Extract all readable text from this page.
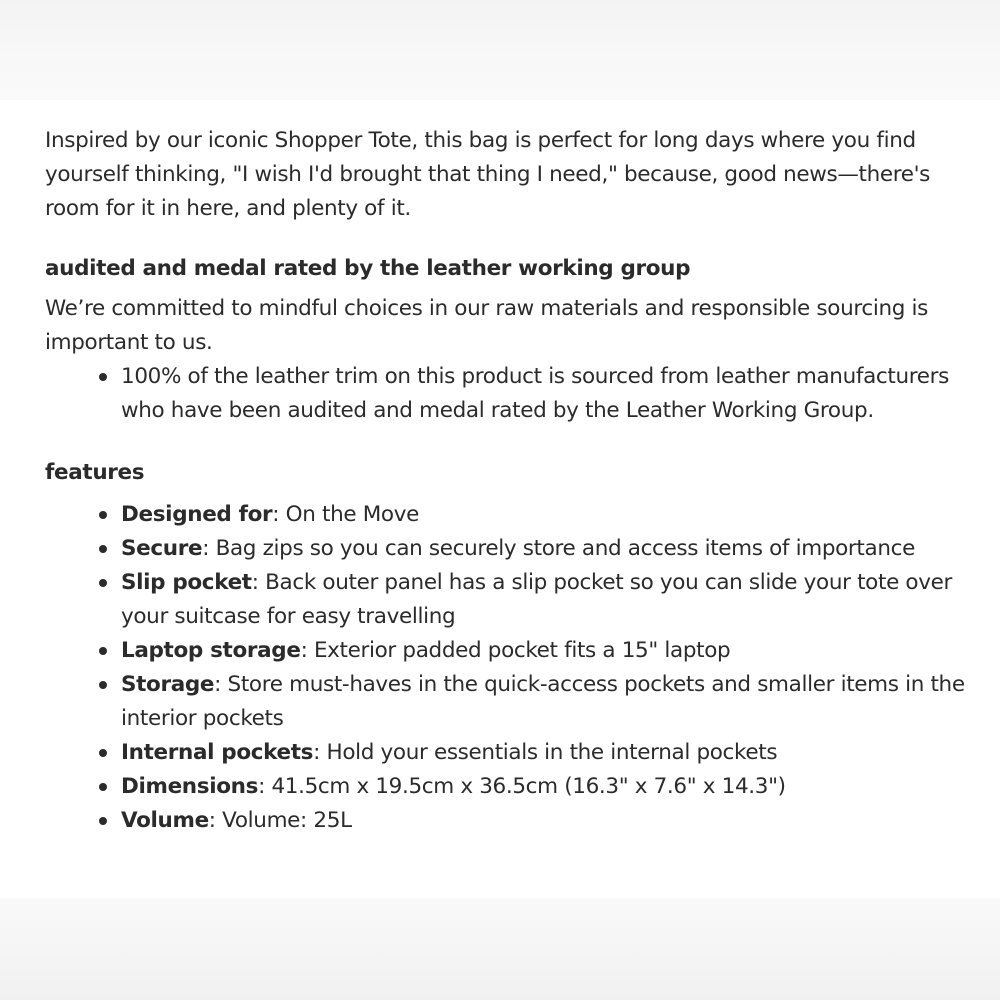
Inspired by our iconic Shopper Tote, this bag is perfect for long days where you find yourself thinking, "I wish I'd brought that thing I need," because, good news—there's room for it in here, and plenty of it.

audited and medal rated by the leather working group

We’re committed to mindful choices in our raw materials and responsible sourcing is important to us.

100% of the leather trim on this product is sourced from leather manufacturers who have been audited and medal rated by the Leather Working Group.
features
Designed for: On the Move
Secure: Bag zips so you can securely store and access items of importance
Slip pocket: Back outer panel has a slip pocket so you can slide your tote over your suitcase for easy travelling
Laptop storage: Exterior padded pocket fits a 15" laptop
Storage: Store must-haves in the quick-access pockets and smaller items in the interior pockets
Internal pockets: Hold your essentials in the internal pockets
Dimensions: 41.5cm x 19.5cm x 36.5cm (16.3" x 7.6" x 14.3")
Volume: Volume: 25L
